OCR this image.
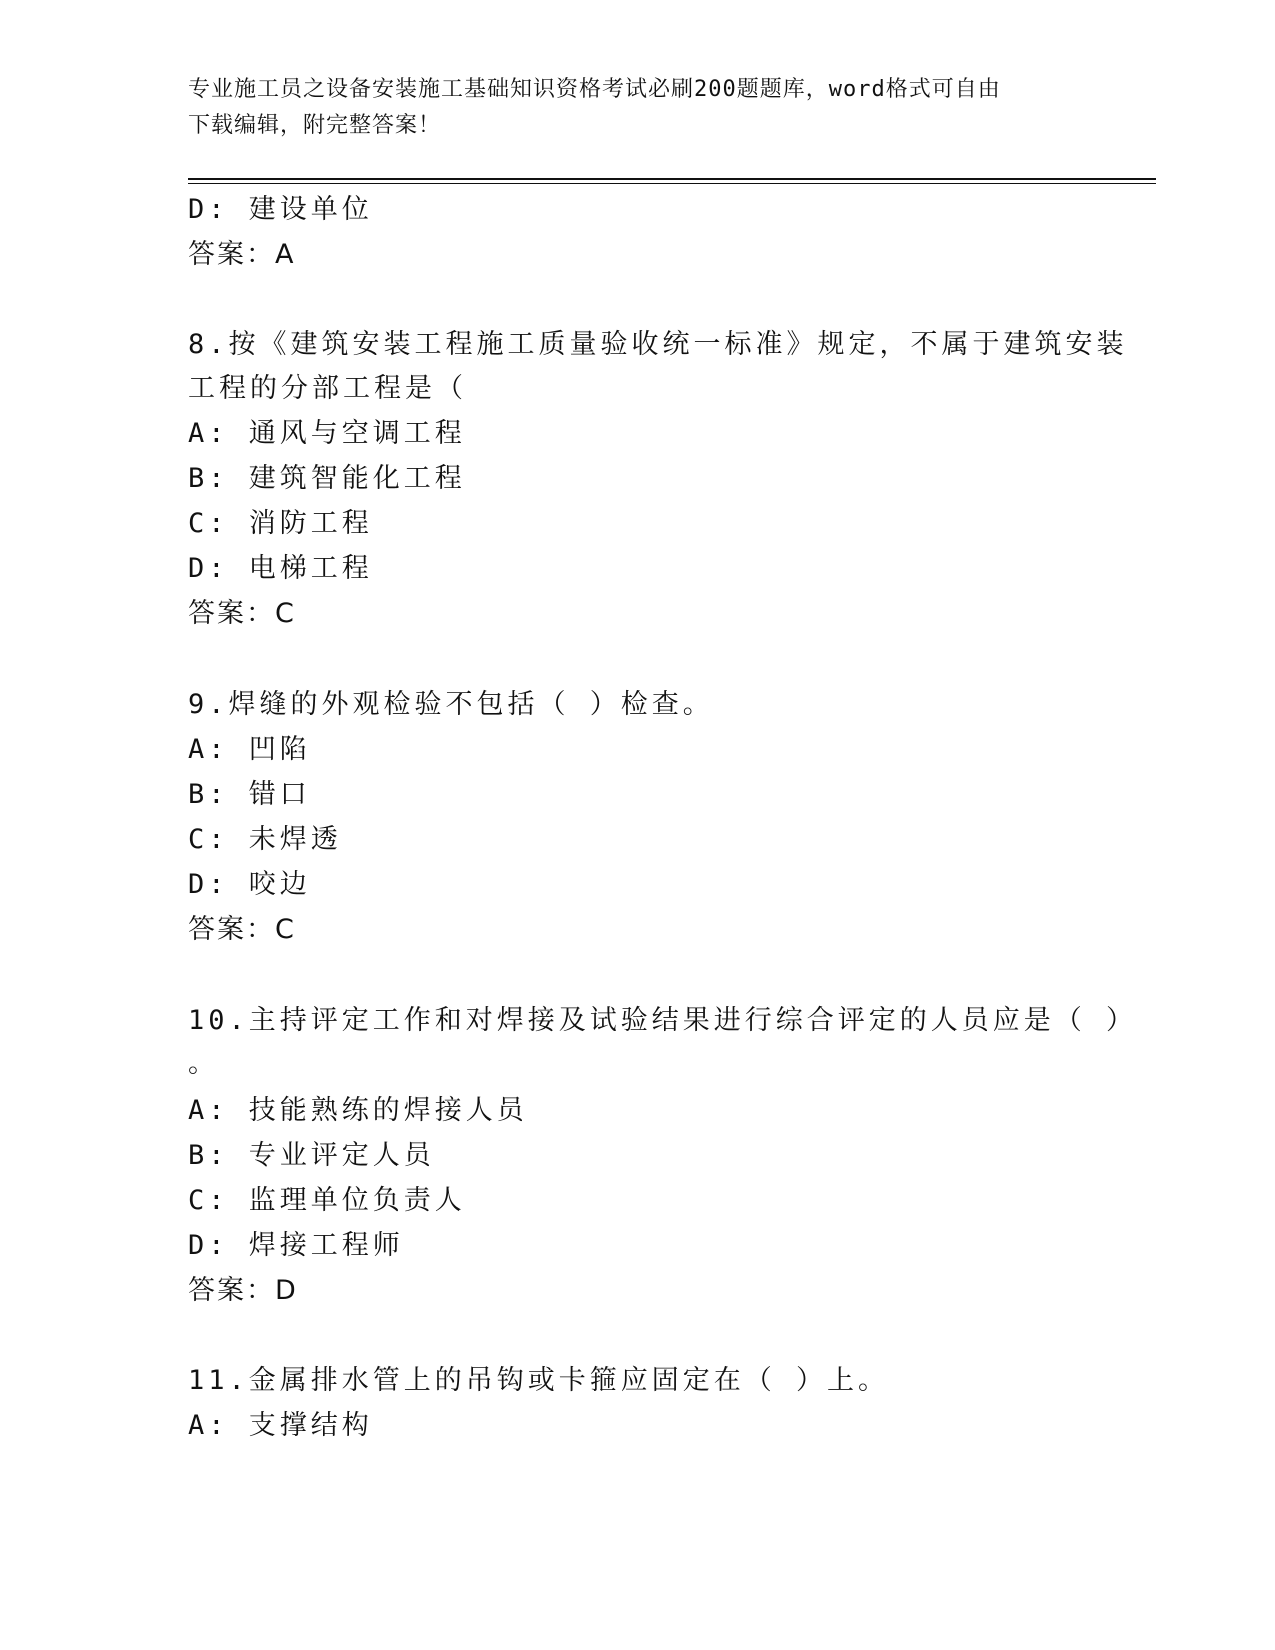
专业施工员之设备安装施工基础知识资格考试必刷200题题库，word格式可自由
下载编辑，附完整答案！
D: 建设单位
答案：A
8.按《建筑安装工程施工质量验收统一标准》规定，不属于建筑安装
工程的分部工程是（
A: 通风与空调工程
B: 建筑智能化工程
C: 消防工程
D: 电梯工程
答案：C
9.焊缝的外观检验不包括（ ）检查。
A: 凹陷
B: 错口
C: 未焊透
D: 咬边
答案：C
10.主持评定工作和对焊接及试验结果进行综合评定的人员应是（ ）
。
A: 技能熟练的焊接人员
B: 专业评定人员
C: 监理单位负责人
D: 焊接工程师
答案：D
11.金属排水管上的吊钩或卡箍应固定在（ ）上。
A: 支撑结构
